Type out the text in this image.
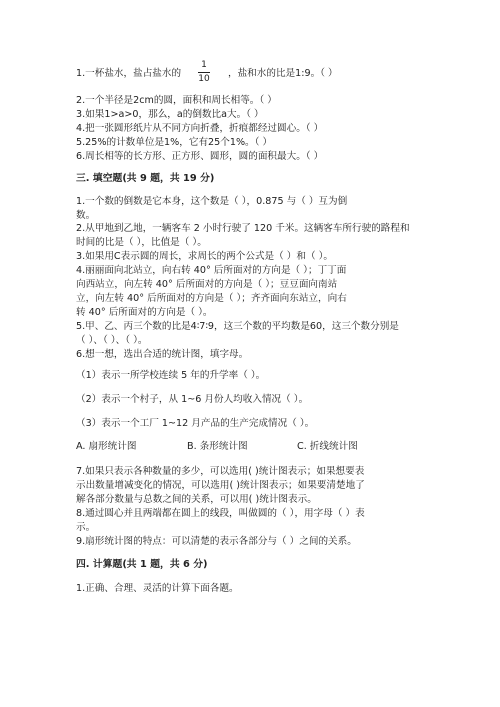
1.一杯盐水，盐占盐水的
1
10 ，盐和水的比是1:9。（ ）
2.一个半径是2cm的圆，面积和周长相等。（ ）
3.如果1>a>0，那么，a的倒数比a大。（ ）
4.把一张圆形纸片从不同方向折叠，折痕都经过圆心。（ ）
5.25%的计数单位是1%，它有25个1%。（ ）
6.周长相等的长方形、正方形、圆形，圆的面积最大。（ ）
三. 填空题(共 9 题，共 19 分)
1.一个数的倒数是它本身，这个数是（ ），0.875 与（ ）互为倒
数。
2.从甲地到乙地，一辆客车 2 小时行驶了 120 千米。这辆客车所行驶的路程和
时间的比是（ ），比值是（ ）。
3.如果用C表示圆的周长，求周长的两个公式是（ ）和（ ）。
4.丽丽面向北站立，向右转 40° 后所面对的方向是（ ）；丁丁面
向西站立，向左转 40° 后所面对的方向是（ ）；豆豆面向南站
立，向左转 40° 后所面对的方向是（ ）；齐齐面向东站立，向右
转 40° 后所面对的方向是（ ）。
5.甲、乙、丙三个数的比是4∶7∶9，这三个数的平均数是60，这三个数分别是
（ ）、（ ）、（ ）。
6.想一想，选出合适的统计图，填字母。
（1）表示一所学校连续 5 年的升学率（ ）。
（2）表示一个村子，从 1~6 月份人均收入情况（ ）。
（3）表示一个工厂 1~12 月产品的生产完成情况（ ）。
A. 扇形统计图	B. 条形统计图	C. 折线统计图
7.如果只表示各种数量的多少，可以选用( )统计图表示；如果想要表
示出数量增减变化的情况，可以选用( )统计图表示；如果要清楚地了
解各部分数量与总数之间的关系，可以用( )统计图表示。
8.通过圆心并且两端都在圆上的线段，叫做圆的（ ），用字母（ ）表
示。
9.扇形统计图的特点：可以清楚的表示各部分与（ ）之间的关系。
四. 计算题(共 1 题，共 6 分)
1.正确、合理、灵活的计算下面各题。
